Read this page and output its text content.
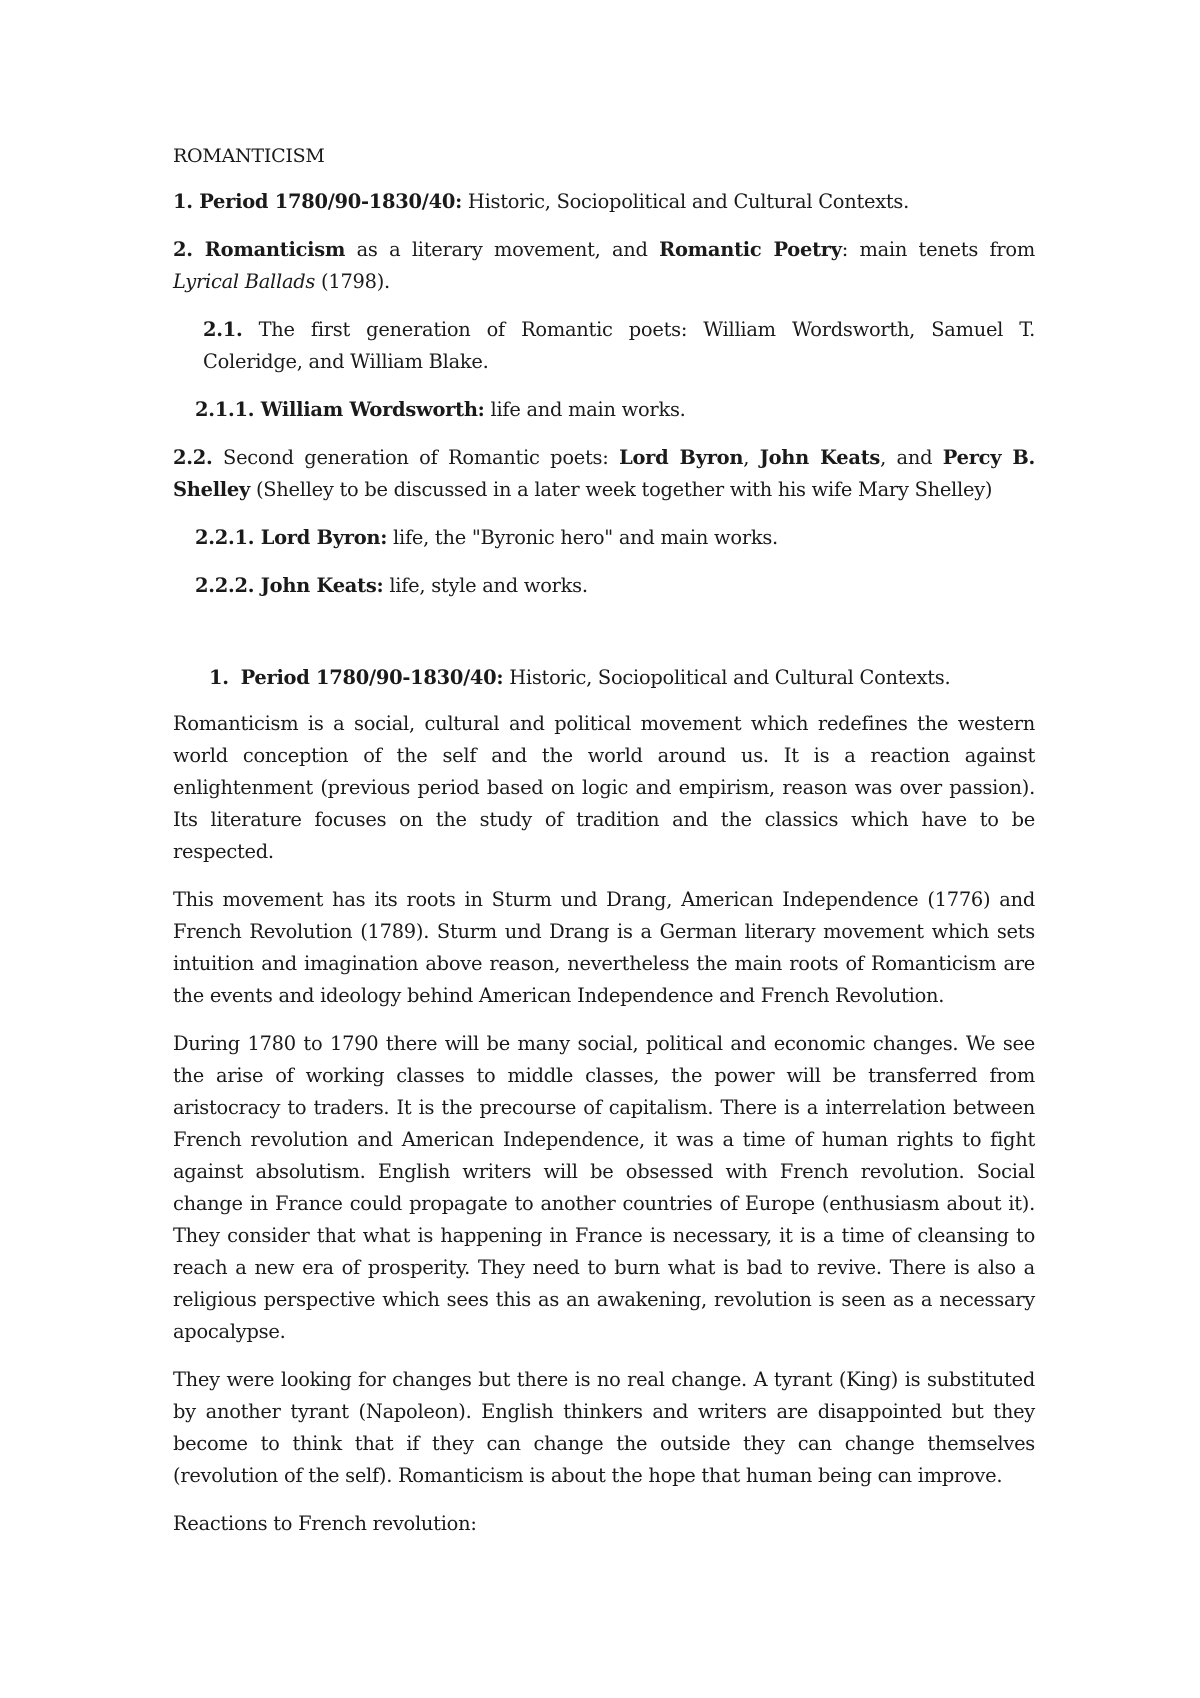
ROMANTICISM

1. Period 1780/90-1830/40: Historic, Sociopolitical and Cultural Contexts.

2. Romanticism as a literary movement, and Romantic Poetry: main tenets from Lyrical Ballads (1798).

2.1. The first generation of Romantic poets: William Wordsworth, Samuel T. Coleridge, and William Blake.

2.1.1. William Wordsworth: life and main works.

2.2. Second generation of Romantic poets: Lord Byron, John Keats, and Percy B. Shelley (Shelley to be discussed in a later week together with his wife Mary Shelley)

2.2.1. Lord Byron: life, the "Byronic hero" and main works.

2.2.2. John Keats: life, style and works.

1. Period 1780/90-1830/40: Historic, Sociopolitical and Cultural Contexts.

Romanticism is a social, cultural and political movement which redefines the western world conception of the self and the world around us. It is a reaction against enlightenment (previous period based on logic and empirism, reason was over passion). Its literature focuses on the study of tradition and the classics which have to be respected.

This movement has its roots in Sturm und Drang, American Independence (1776) and French Revolution (1789). Sturm und Drang is a German literary movement which sets intuition and imagination above reason, nevertheless the main roots of Romanticism are the events and ideology behind American Independence and French Revolution.

During 1780 to 1790 there will be many social, political and economic changes. We see the arise of working classes to middle classes, the power will be transferred from aristocracy to traders. It is the precourse of capitalism. There is a interrelation between French revolution and American Independence, it was a time of human rights to fight against absolutism. English writers will be obsessed with French revolution. Social change in France could propagate to another countries of Europe (enthusiasm about it). They consider that what is happening in France is necessary, it is a time of cleansing to reach a new era of prosperity. They need to burn what is bad to revive. There is also a religious perspective which sees this as an awakening, revolution is seen as a necessary apocalypse.

They were looking for changes but there is no real change. A tyrant (King) is substituted by another tyrant (Napoleon). English thinkers and writers are disappointed but they become to think that if they can change the outside they can change themselves (revolution of the self). Romanticism is about the hope that human being can improve.

Reactions to French revolution:
